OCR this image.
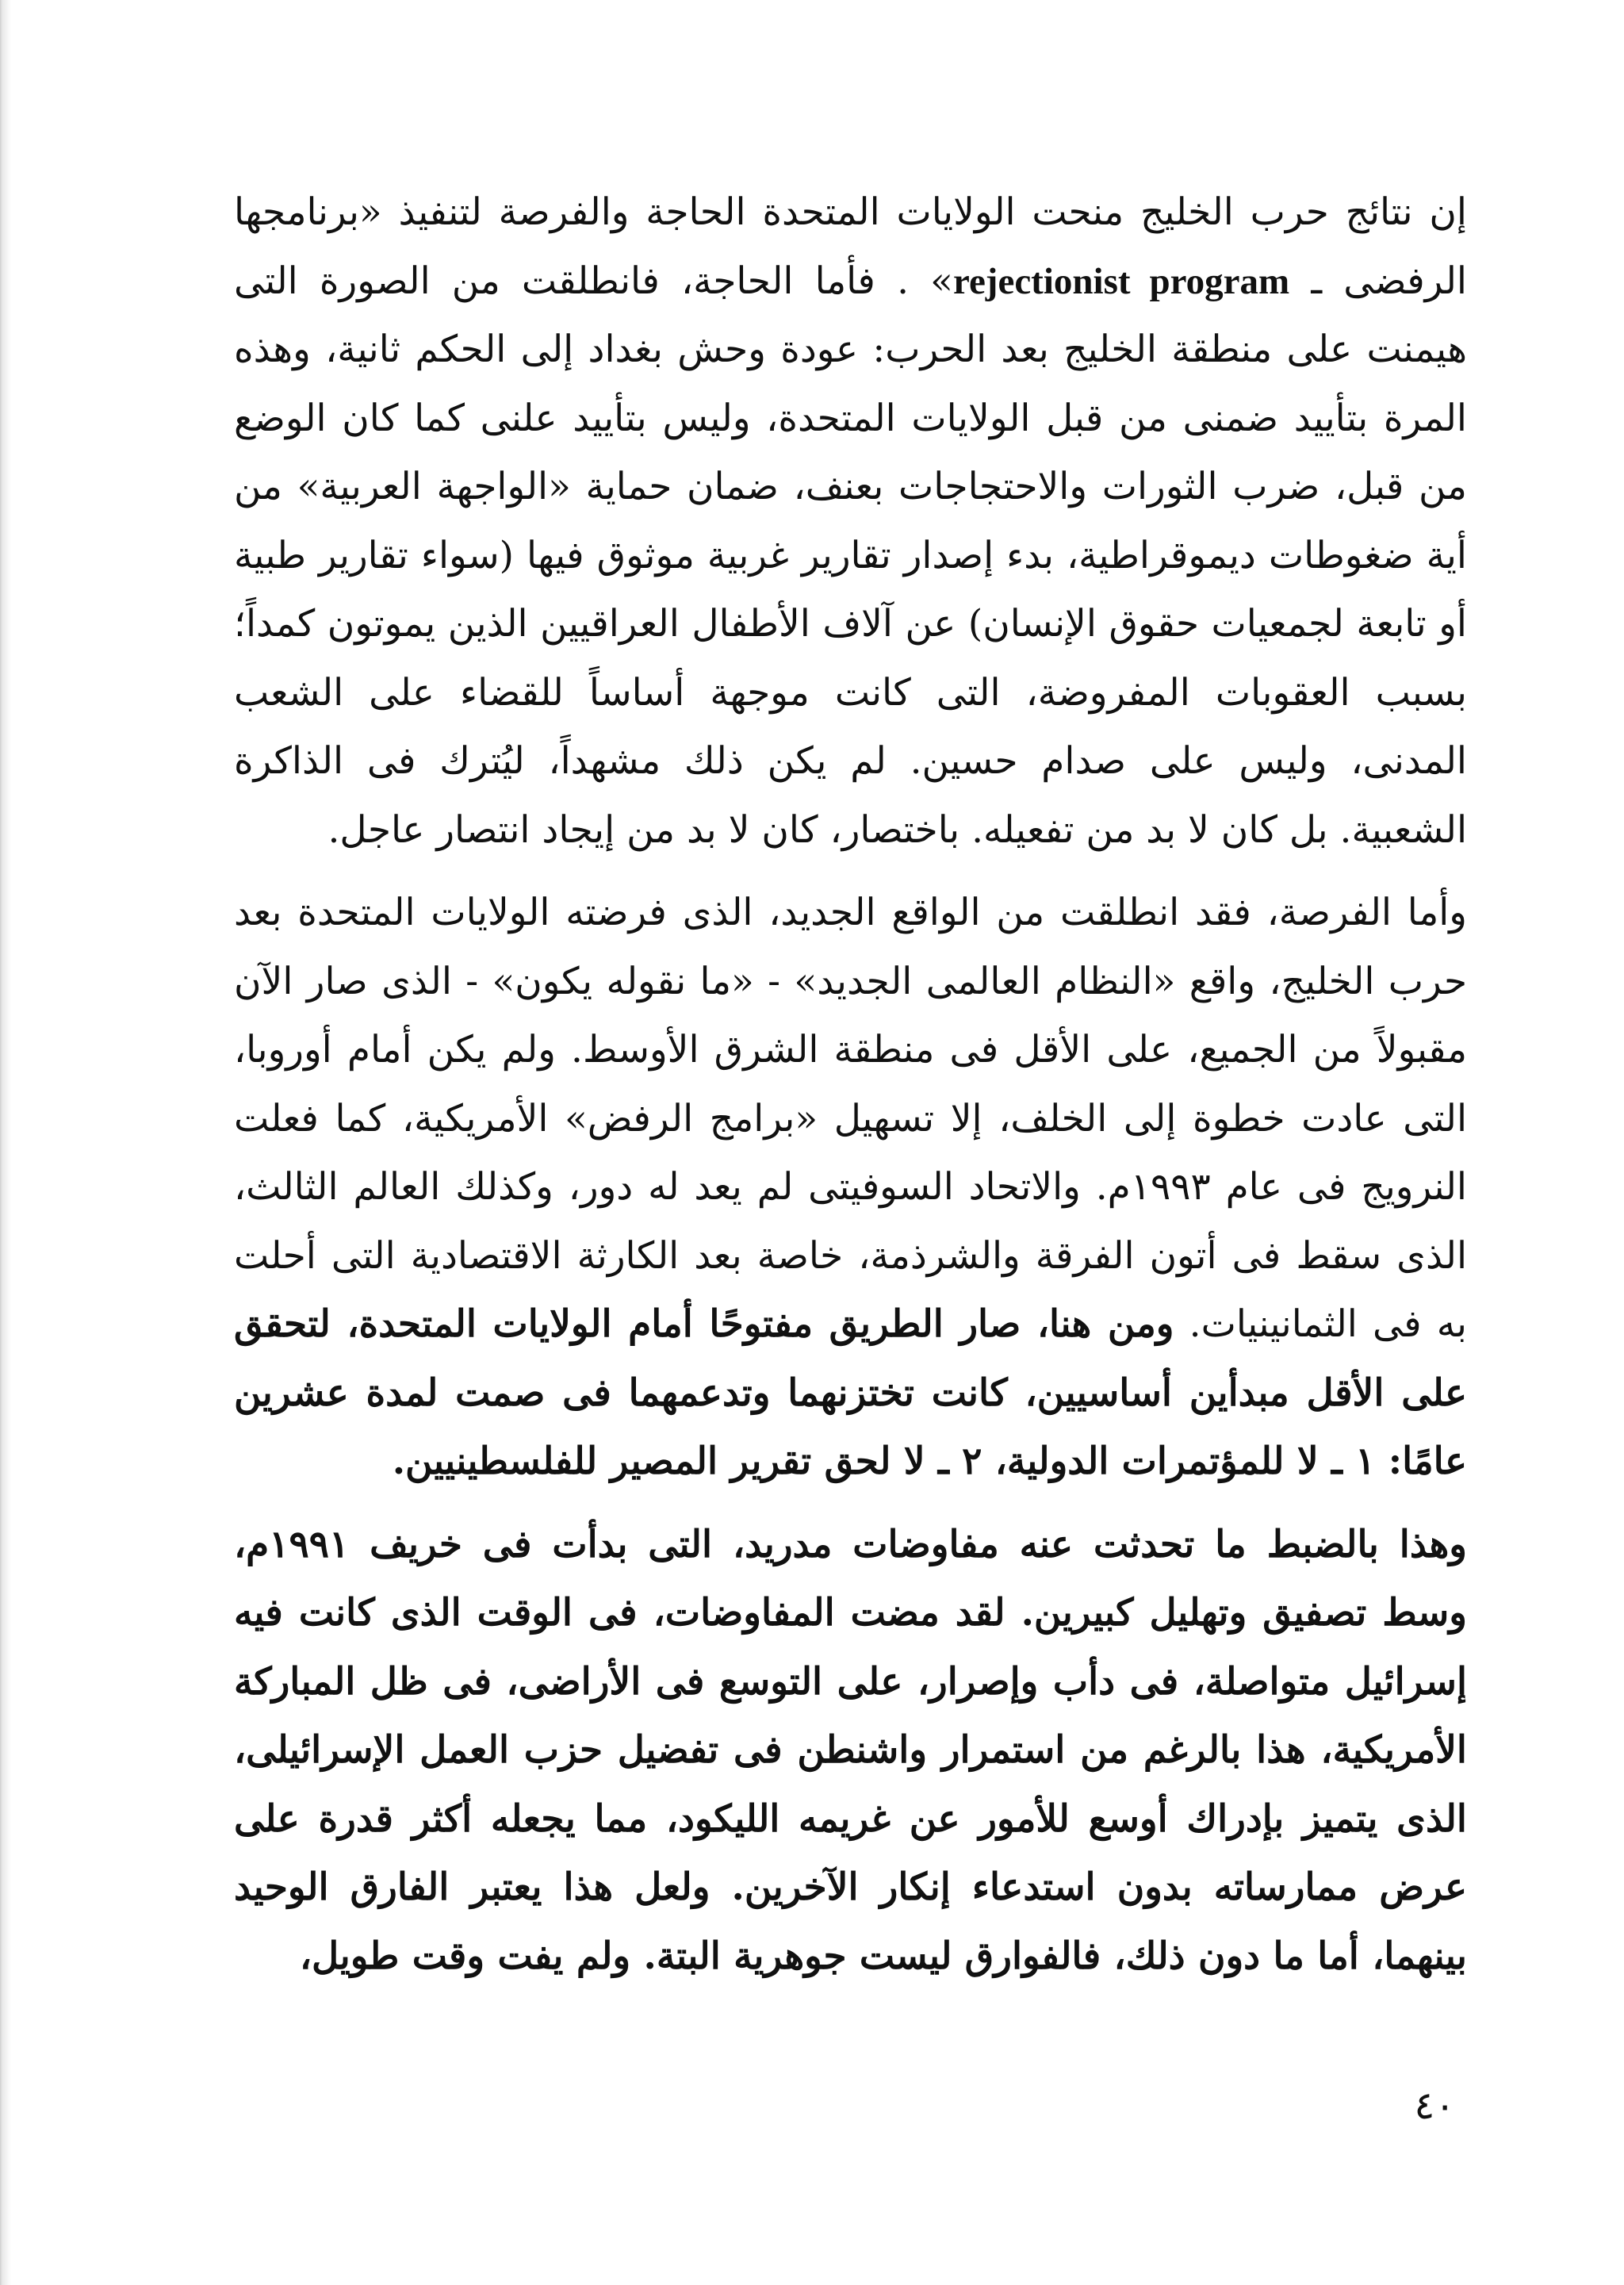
إن نتائج حرب الخليج منحت الولايات المتحدة الحاجة والفرصة لتنفيذ «برنامجها الرفضى ـ rejectionist program» . فأما الحاجة، فانطلقت من الصورة التى هيمنت على منطقة الخليج بعد الحرب: عودة وحش بغداد إلى الحكم ثانية، وهذه المرة بتأييد ضمنى من قبل الولايات المتحدة، وليس بتأييد علنى كما كان الوضع من قبل، ضرب الثورات والاحتجاجات بعنف، ضمان حماية «الواجهة العربية» من أية ضغوطات ديموقراطية، بدء إصدار تقارير غربية موثوق فيها (سواء تقارير طبية أو تابعة لجمعيات حقوق الإنسان) عن آلاف الأطفال العراقيين الذين يموتون كمداً؛ بسبب العقوبات المفروضة، التى كانت موجهة أساساً للقضاء على الشعب المدنى، وليس على صدام حسين. لم يكن ذلك مشهداً، ليُترك فى الذاكرة الشعبية. بل كان لا بد من تفعيله. باختصار، كان لا بد من إيجاد انتصار عاجل.

وأما الفرصة، فقد انطلقت من الواقع الجديد، الذى فرضته الولايات المتحدة بعد حرب الخليج، واقع «النظام العالمى الجديد» - «ما نقوله يكون» - الذى صار الآن مقبولاً من الجميع، على الأقل فى منطقة الشرق الأوسط. ولم يكن أمام أوروبا، التى عادت خطوة إلى الخلف، إلا تسهيل «برامج الرفض» الأمريكية، كما فعلت النرويج فى عام ١٩٩٣م. والاتحاد السوفيتى لم يعد له دور، وكذلك العالم الثالث، الذى سقط فى أتون الفرقة والشرذمة، خاصة بعد الكارثة الاقتصادية التى أحلت به فى الثمانينيات. ومن هنا، صار الطريق مفتوحًا أمام الولايات المتحدة، لتحقق على الأقل مبدأين أساسيين، كانت تختزنهما وتدعمهما فى صمت لمدة عشرين عامًا: ١ ـ لا للمؤتمرات الدولية، ٢ ـ لا لحق تقرير المصير للفلسطينيين.

وهذا بالضبط ما تحدثت عنه مفاوضات مدريد، التى بدأت فى خريف ١٩٩١م، وسط تصفيق وتهليل كبيرين. لقد مضت المفاوضات، فى الوقت الذى كانت فيه إسرائيل متواصلة، فى دأب وإصرار، على التوسع فى الأراضى، فى ظل المباركة الأمريكية، هذا بالرغم من استمرار واشنطن فى تفضيل حزب العمل الإسرائيلى، الذى يتميز بإدراك أوسع للأمور عن غريمه الليكود، مما يجعله أكثر قدرة على عرض ممارساته بدون استدعاء إنكار الآخرين. ولعل هذا يعتبر الفارق الوحيد بينهما، أما ما دون ذلك، فالفوارق ليست جوهرية البتة. ولم يفت وقت طويل،

٤٠
